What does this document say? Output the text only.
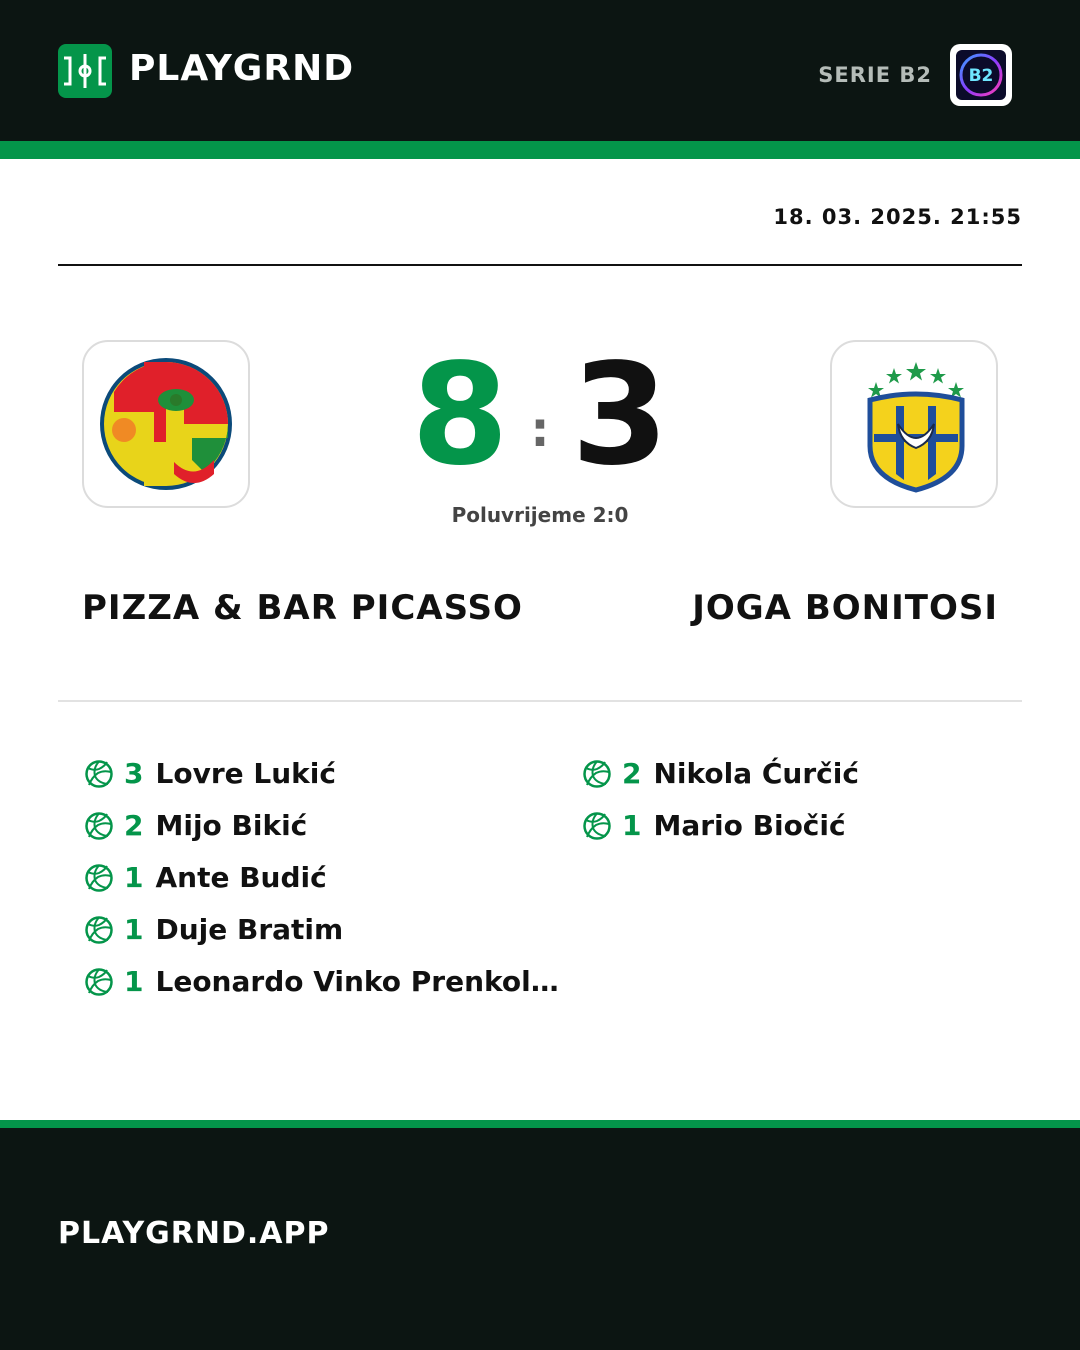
PLAYGRND	SERIE B2 B2
18. 03. 2025. 21:55
8 : 3
Poluvrijeme 2:0
PIZZA & BAR PICASSO	JOGA BONITOSI
3 Lovre Lukić
2 Mijo Bikić
1 Ante Budić
1 Duje Bratim
1 Leonardo Vinko Prenkol…
2 Nikola Ćurčić
1 Mario Biočić
PLAYGRND.APP
